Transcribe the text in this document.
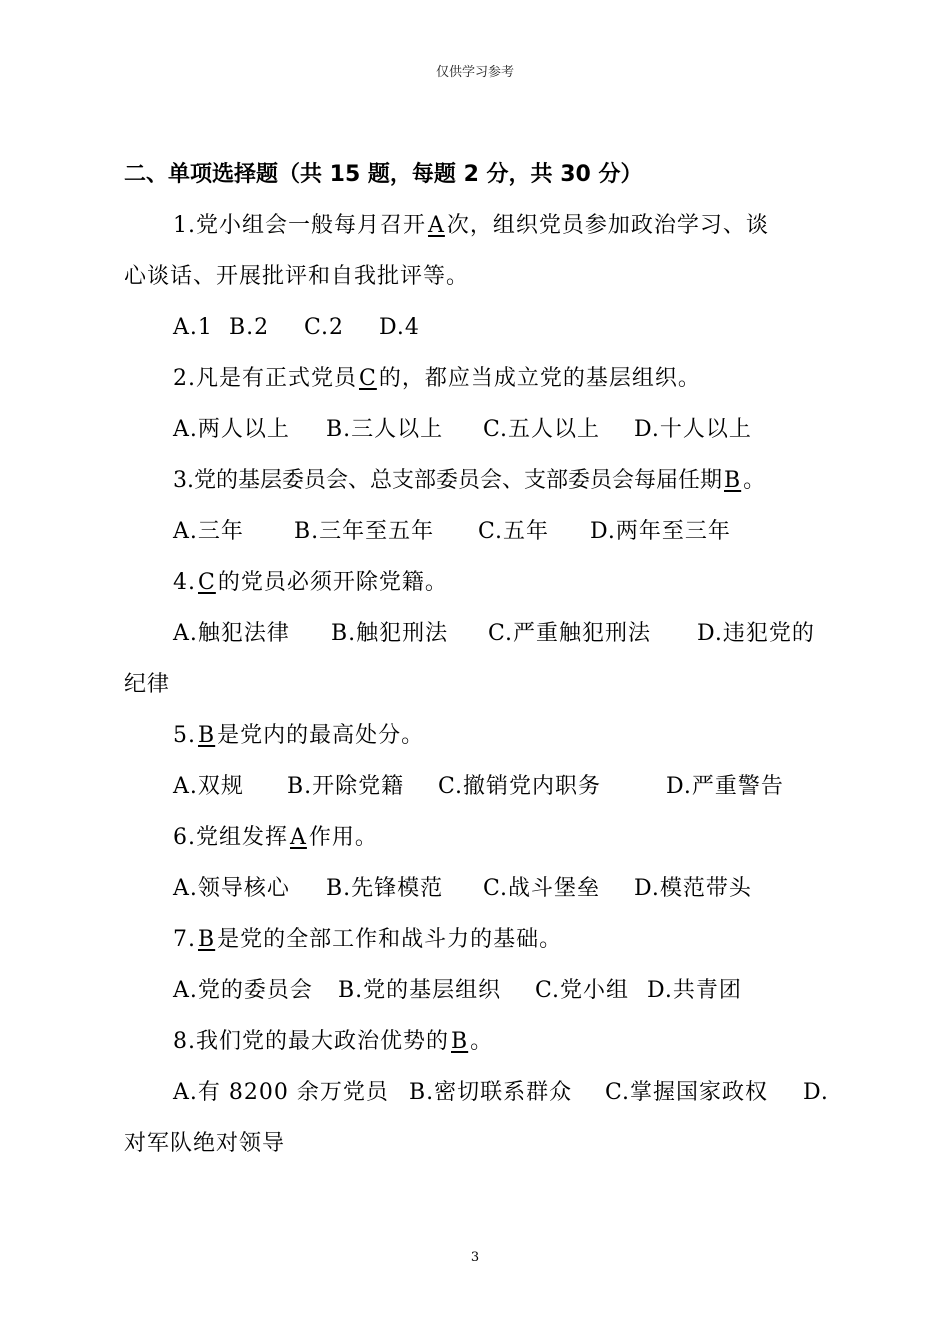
仅供学习参考
二、单项选择题（共 15 题，每题 2 分，共 30 分）
1.党小组会一般每月召开A次，组织党员参加政治学习、谈
心谈话、开展批评和自我批评等。
A.1 B.2 C.2 D.4
2.凡是有正式党员C的，都应当成立党的基层组织。
A.两人以上 B.三人以上 C.五人以上 D.十人以上
3.党的基层委员会、总支部委员会、支部委员会每届任期B。
A.三年 B.三年至五年 C.五年 D.两年至三年
4.C的党员必须开除党籍。
A.触犯法律 B.触犯刑法 C.严重触犯刑法 D.违犯党的
纪律
5.B是党内的最高处分。
A.双规 B.开除党籍 C.撤销党内职务	D.严重警告
6.党组发挥A作用。
A.领导核心 B.先锋模范 C.战斗堡垒 D.模范带头
7.B是党的全部工作和战斗力的基础。
A.党的委员会 B.党的基层组织 C.党小组 D.共青团
8.我们党的最大政治优势的B。
A.有 8200 余万党员 B.密切联系群众 C.掌握国家政权 D.
对军队绝对领导
3
